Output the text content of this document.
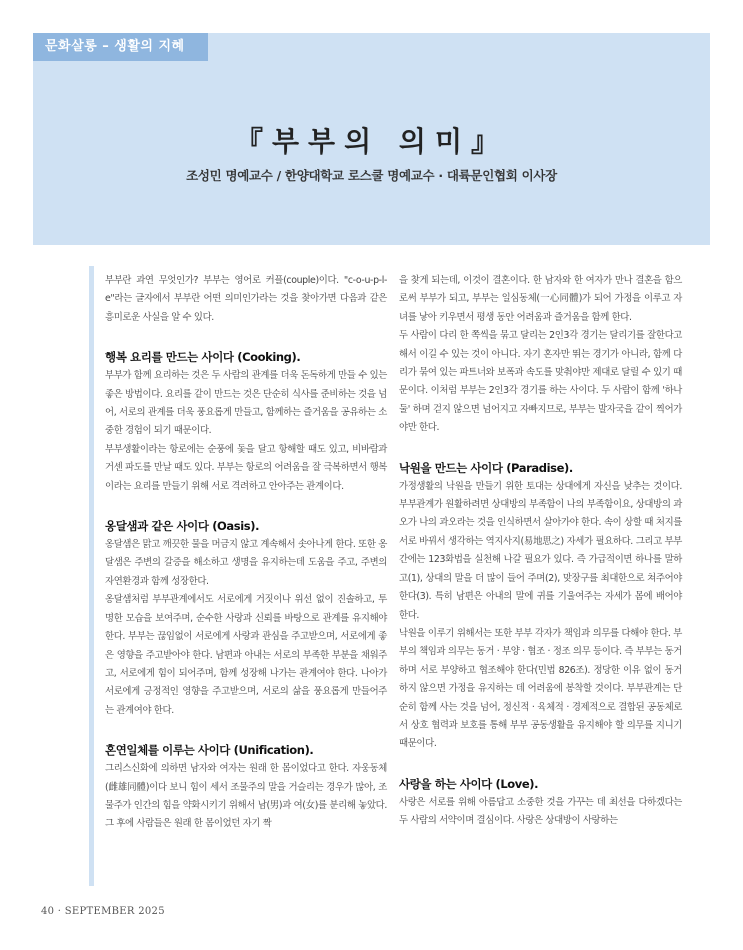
문화살롱 – 생활의 지혜
『부부의 의미』
조성민 명예교수 / 한양대학교 로스쿨 명예교수 · 대륙문인협회 이사장

부부란 과연 무엇인가? 부부는 영어로 커플(couple)이다. "c-o-u-p-l-e"라는 글자에서 부부란 어떤 의미인가라는 것을 찾아가면 다음과 같은 흥미로운 사실을 알 수 있다.

행복 요리를 만드는 사이다 (Cooking).

부부가 함께 요리하는 것은 두 사람의 관계를 더욱 돈독하게 만들 수 있는 좋은 방법이다. 요리를 같이 만드는 것은 단순히 식사를 준비하는 것을 넘어, 서로의 관계를 더욱 풍요롭게 만들고, 함께하는 즐거움을 공유하는 소중한 경험이 되기 때문이다.

부부생활이라는 항로에는 순풍에 돛을 달고 항해할 때도 있고, 비바람과 거센 파도를 만날 때도 있다. 부부는 항로의 어려움을 잘 극복하면서 행복이라는 요리를 만들기 위해 서로 격려하고 안아주는 관계이다.

옹달샘과 같은 사이다 (Oasis).

옹달샘은 맑고 깨끗한 물을 머금지 않고 계속해서 솟아나게 한다. 또한 옹달샘은 주변의 갈증을 해소하고 생명을 유지하는데 도움을 주고, 주변의 자연환경과 함께 성장한다.

옹달샘처럼 부부관계에서도 서로에게 거짓이나 위선 없이 진솔하고, 투명한 모습을 보여주며, 순수한 사랑과 신뢰를 바탕으로 관계를 유지해야 한다. 부부는 끊임없이 서로에게 사랑과 관심을 주고받으며, 서로에게 좋은 영향을 주고받아야 한다. 남편과 아내는 서로의 부족한 부분을 채워주고, 서로에게 힘이 되어주며, 함께 성장해 나가는 관계여야 한다. 나아가 서로에게 긍정적인 영향을 주고받으며, 서로의 삶을 풍요롭게 만들어주는 관계여야 한다.

혼연일체를 이루는 사이다 (Unification).

그리스신화에 의하면 남자와 여자는 원래 한 몸이었다고 한다. 자웅동체(雌雄同體)이다 보니 힘이 세서 조물주의 말을 거슬리는 경우가 많아, 조물주가 인간의 힘을 약화시키기 위해서 남(男)과 여(女)를 분리해 놓았다. 그 후에 사람들은 원래 한 몸이었던 자기 짝

을 찾게 되는데, 이것이 결혼이다. 한 남자와 한 여자가 만나 결혼을 함으로써 부부가 되고, 부부는 일심동체(一心同體)가 되어 가정을 이루고 자녀를 낳아 키우면서 평생 동안 어려움과 즐거움을 함께 한다.

두 사람이 다리 한 쪽씩을 묶고 달리는 2인3각 경기는 달리기를 잘한다고 해서 이길 수 있는 것이 아니다. 자기 혼자만 뛰는 경기가 아니라, 함께 다리가 묶여 있는 파트너와 보폭과 속도를 맞춰야만 제대로 달릴 수 있기 때문이다. 이처럼 부부는 2인3각 경기를 하는 사이다. 두 사람이 함께 '하나 둘' 하며 걷지 않으면 넘어지고 자빠지므로, 부부는 발자국을 같이 찍어가야만 한다.

낙원을 만드는 사이다 (Paradise).

가정생활의 낙원을 만들기 위한 토대는 상대에게 자신을 낮추는 것이다. 부부관계가 원활하려면 상대방의 부족함이 나의 부족함이요, 상대방의 과오가 나의 과오라는 것을 인식하면서 살아가야 한다. 속이 상할 때 처지를 서로 바꿔서 생각하는 역지사지(易地思之) 자세가 필요하다. 그리고 부부간에는 123화법을 실천해 나갈 필요가 있다. 즉 가급적이면 하나를 말하고(1), 상대의 말을 더 많이 들어 주며(2), 맞장구를 최대한으로 쳐주어야 한다(3). 특히 남편은 아내의 말에 귀를 기울여주는 자세가 몸에 배어야 한다.

낙원을 이루기 위해서는 또한 부부 각자가 책임과 의무를 다해야 한다. 부부의 책임과 의무는 동거 · 부양 · 협조 · 정조 의무 등이다. 즉 부부는 동거하며 서로 부양하고 협조해야 한다(민법 826조). 정당한 이유 없이 동거하지 않으면 가정을 유지하는 데 어려움에 봉착할 것이다. 부부관계는 단순히 함께 사는 것을 넘어, 정신적 · 육체적 · 경제적으로 결합된 공동체로서 상호 협력과 보호를 통해 부부 공동생활을 유지해야 할 의무를 지니기 때문이다.

사랑을 하는 사이다 (Love).

사랑은 서로를 위해 아름답고 소중한 것을 가꾸는 데 최선을 다하겠다는 두 사람의 서약이며 결심이다. 사랑은 상대방이 사랑하는

40 · SEPTEMBER 2025
